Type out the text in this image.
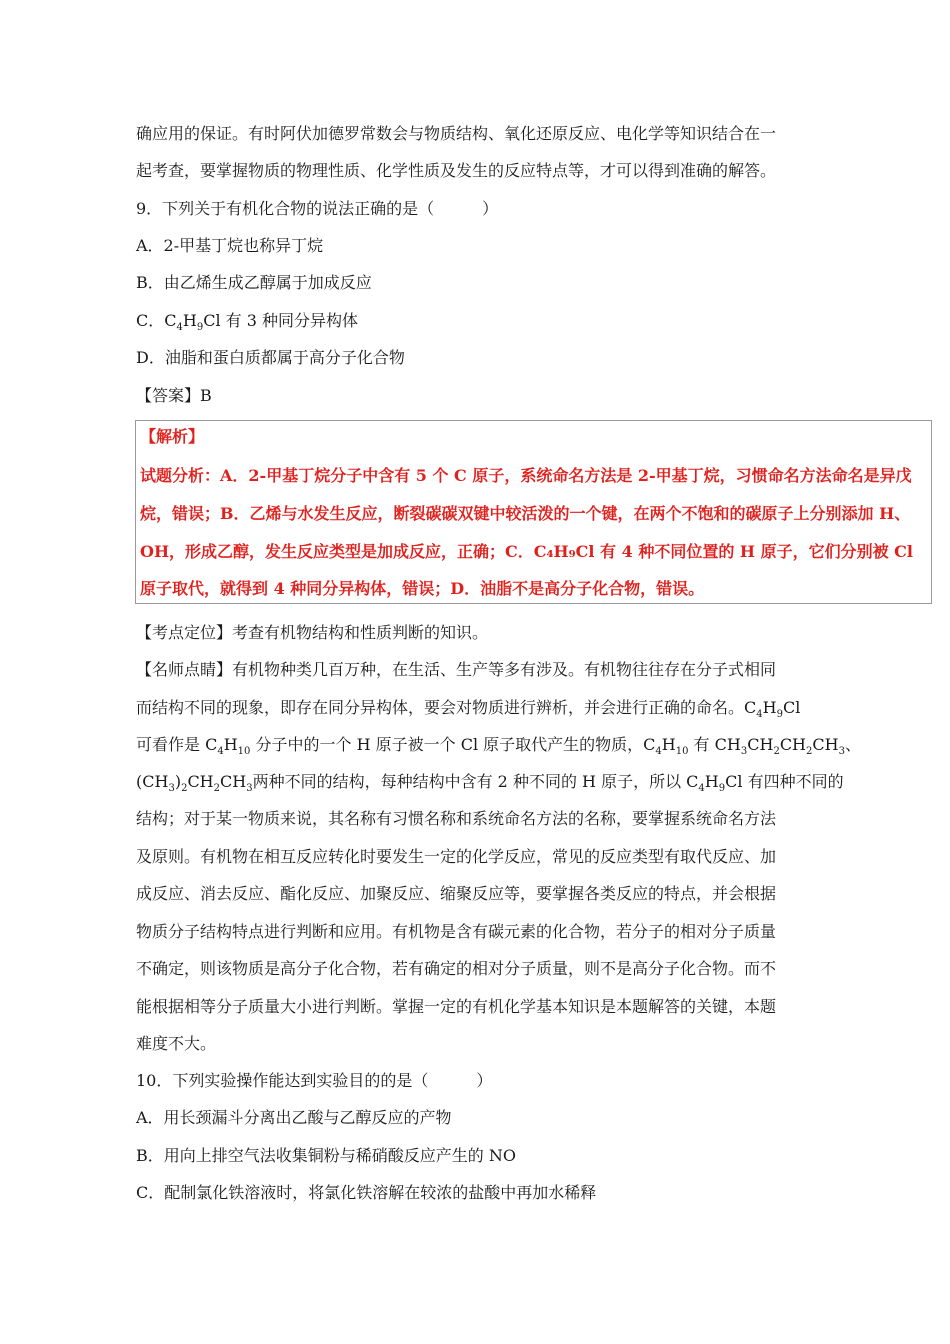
确应用的保证。有时阿伏加德罗常数会与物质结构、氧化还原反应、电化学等知识结合在一
起考查，要掌握物质的物理性质、化学性质及发生的反应特点等，才可以得到准确的解答。
9．下列关于有机化合物的说法正确的是（　　　）
A．2-甲基丁烷也称异丁烷
B．由乙烯生成乙醇属于加成反应
C．$C_4H_9Cl$ 有 3 种同分异构体
D．油脂和蛋白质都属于高分子化合物
【答案】B
【解析】
试题分析：A．2-甲基丁烷分子中含有 5 个 C 原子，系统命名方法是 2-甲基丁烷，习惯命名方法命名是异戊
烷，错误；B．乙烯与水发生反应，断裂碳碳双键中较活泼的一个键，在两个不饱和的碳原子上分别添加 H、
OH，形成乙醇，发生反应类型是加成反应，正确；C．C₄H₉Cl 有 4 种不同位置的 H 原子，它们分别被 Cl
原子取代，就得到 4 种同分异构体，错误；D．油脂不是高分子化合物，错误。
【考点定位】考查有机物结构和性质判断的知识。
【名师点睛】有机物种类几百万种，在生活、生产等多有涉及。有机物往往存在分子式相同
而结构不同的现象，即存在同分异构体，要会对物质进行辨析，并会进行正确的命名。$C_4H_9Cl$
可看作是 $C_4H_{10}$ 分子中的一个 H 原子被一个 Cl 原子取代产生的物质，$C_4H_{10}$ 有 $CH_3CH_2CH_2CH_3$、
$(CH_3)_2CH_2CH_3$两种不同的结构，每种结构中含有 2 种不同的 H 原子，所以 $C_4H_9Cl$ 有四种不同的
结构；对于某一物质来说，其名称有习惯名称和系统命名方法的名称，要掌握系统命名方法
及原则。有机物在相互反应转化时要发生一定的化学反应，常见的反应类型有取代反应、加
成反应、消去反应、酯化反应、加聚反应、缩聚反应等，要掌握各类反应的特点，并会根据
物质分子结构特点进行判断和应用。有机物是含有碳元素的化合物，若分子的相对分子质量
不确定，则该物质是高分子化合物，若有确定的相对分子质量，则不是高分子化合物。而不
能根据相等分子质量大小进行判断。掌握一定的有机化学基本知识是本题解答的关键，本题
难度不大。
10．下列实验操作能达到实验目的的是（　　　）
A．用长颈漏斗分离出乙酸与乙醇反应的产物
B．用向上排空气法收集铜粉与稀硝酸反应产生的 NO
C．配制氯化铁溶液时，将氯化铁溶解在较浓的盐酸中再加水稀释
